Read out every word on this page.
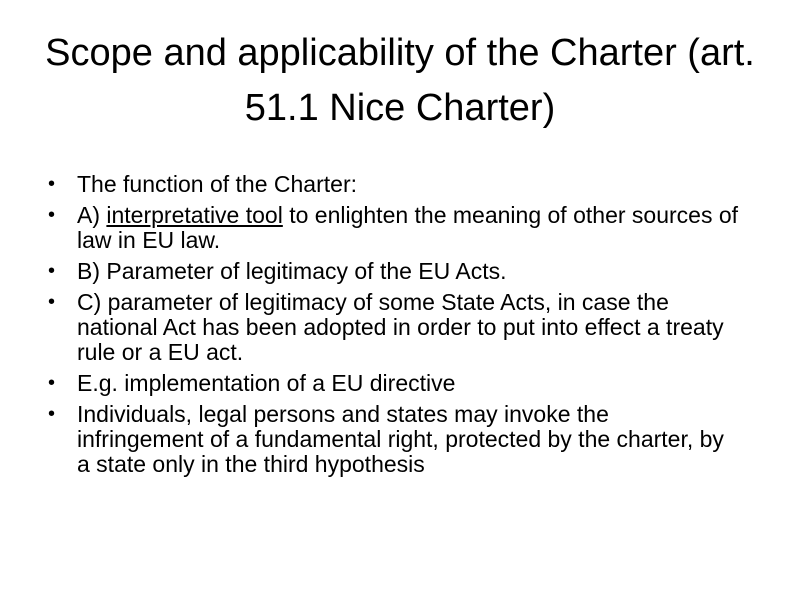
Scope and applicability of the Charter (art. 51.1 Nice Charter)
• The function of the Charter:
• A) interpretative tool to enlighten the meaning of other sources of law in EU law.
• B) Parameter of legitimacy of the EU Acts.
• C) parameter of legitimacy of some State Acts, in case the national Act has been adopted in order to put into effect a treaty rule or a EU act.
• E.g. implementation of a EU directive
• Individuals, legal persons and states may invoke the infringement of a fundamental right, protected by the charter, by a state only in the third hypothesis
